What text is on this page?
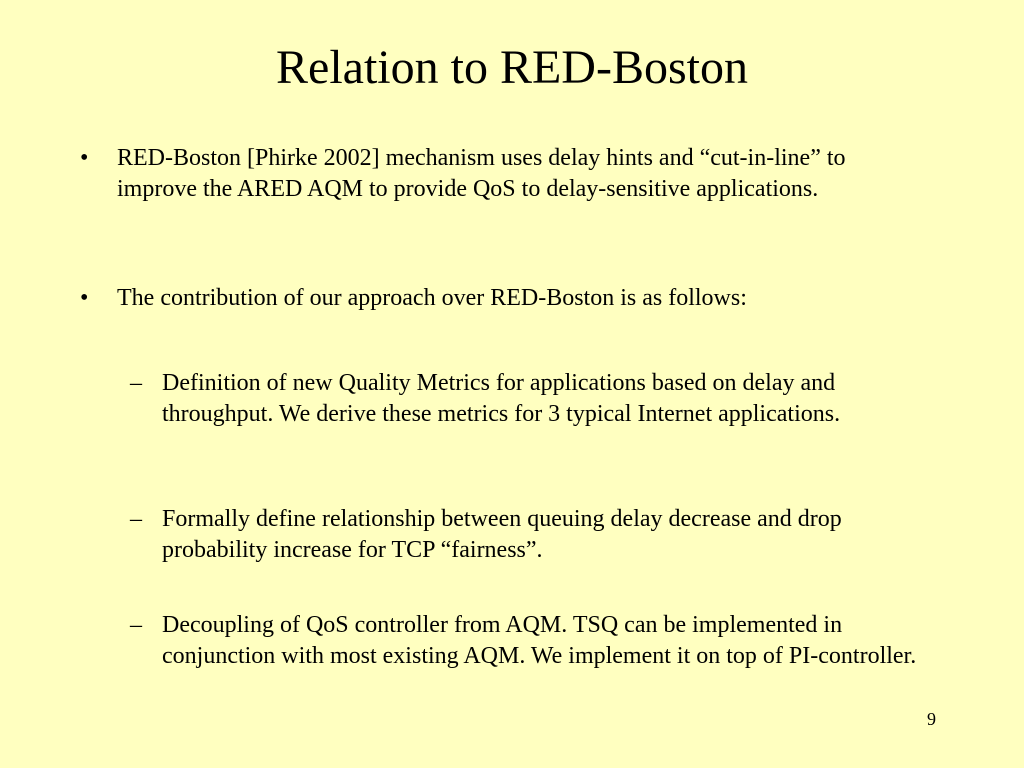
Relation to RED-Boston
• RED-Boston [Phirke 2002] mechanism uses delay hints and “cut-in-line” to improve the ARED AQM to provide QoS to delay-sensitive applications.
• The contribution of our approach over RED-Boston is as follows:
– Definition of new Quality Metrics for applications based on delay and throughput. We derive these metrics for 3 typical Internet applications.
– Formally define relationship between queuing delay decrease and drop probability increase for TCP “fairness”.
– Decoupling of QoS controller from AQM. TSQ can be implemented in conjunction with most existing AQM. We implement it on top of PI-controller.
9
